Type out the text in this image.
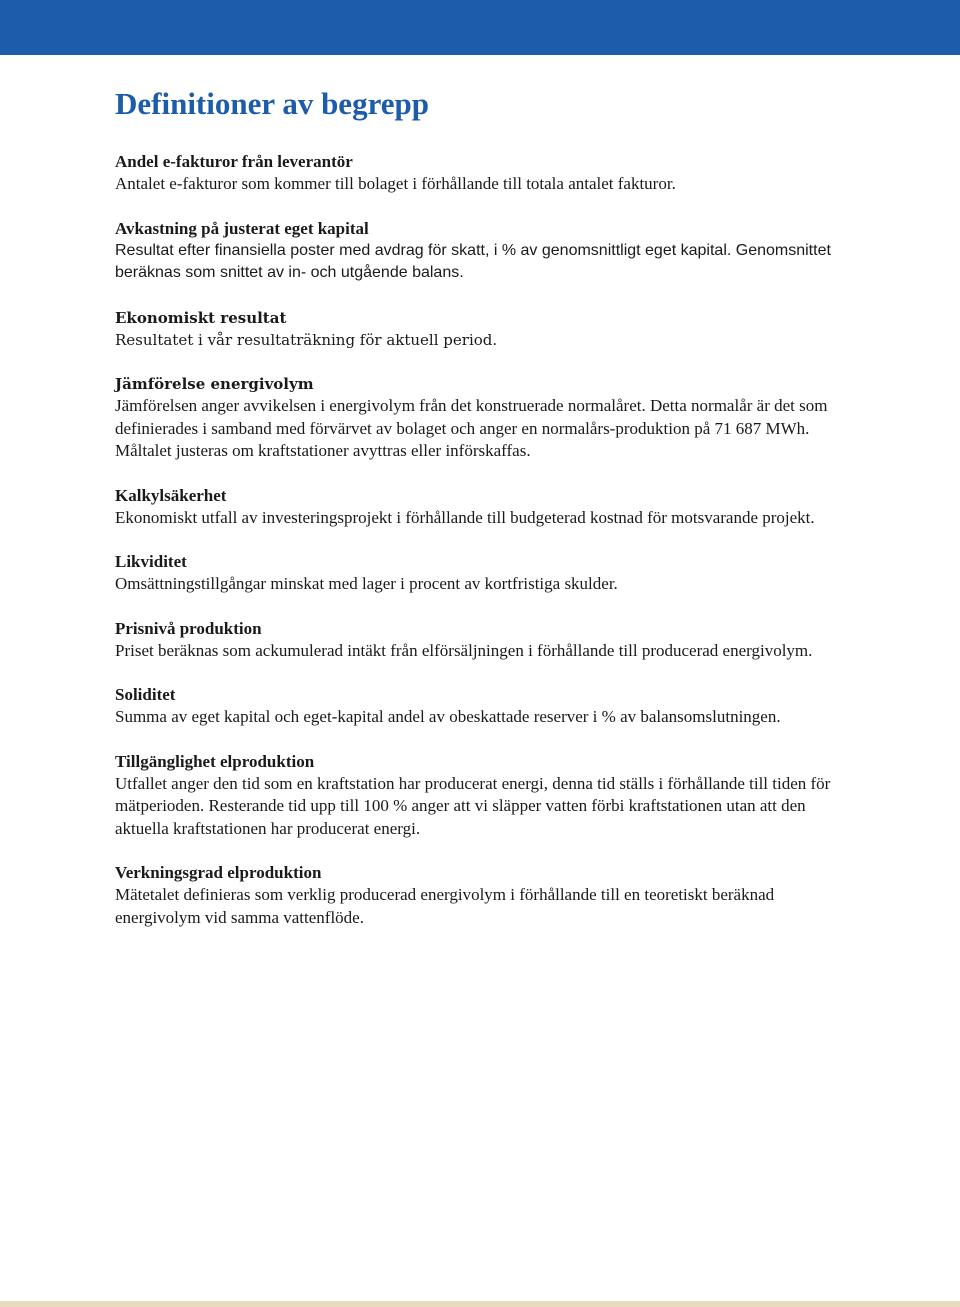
Definitioner av begrepp

Andel e-fakturor från leverantör

Antalet e-fakturor som kommer till bolaget i förhållande till totala antalet fakturor.

Avkastning på justerat eget kapital

Resultat efter finansiella poster med avdrag för skatt, i % av genomsnittligt eget kapital. Genomsnittet beräknas som snittet av in- och utgående balans.

Ekonomiskt resultat

Resultatet i vår resultaträkning för aktuell period.

Jämförelse energivolym

Jämförelsen anger avvikelsen i energivolym från det konstruerade normalåret. Detta normalår är det som definierades i samband med förvärvet av bolaget och anger en normalårs-produktion på 71 687 MWh. Måltalet justeras om kraftstationer avyttras eller införskaffas.

Kalkylsäkerhet

Ekonomiskt utfall av investeringsprojekt i förhållande till budgeterad kostnad för motsvarande projekt.

Likviditet

Omsättningstillgångar minskat med lager i procent av kortfristiga skulder.

Prisnivå produktion

Priset beräknas som ackumulerad intäkt från elförsäljningen i förhållande till producerad energivolym.

Soliditet

Summa av eget kapital och eget-kapital andel av obeskattade reserver i % av balansomslutningen.

Tillgänglighet elproduktion

Utfallet anger den tid som en kraftstation har producerat energi, denna tid ställs i förhållande till tiden för mätperioden. Resterande tid upp till 100 % anger att vi släpper vatten förbi kraftstationen utan att den aktuella kraftstationen har producerat energi.

Verkningsgrad elproduktion

Mätetalet definieras som verklig producerad energivolym i förhållande till en teoretiskt beräknad energivolym vid samma vattenflöde.
